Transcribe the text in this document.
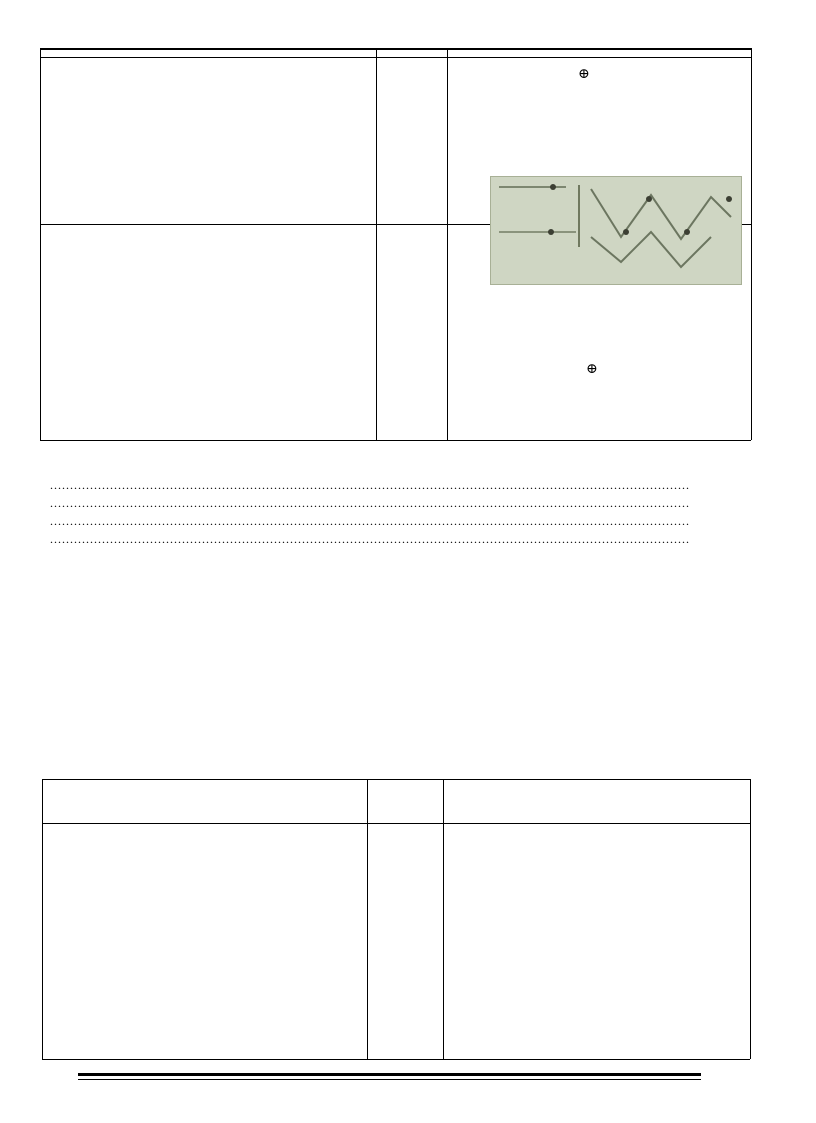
⊕
⊕
................................................................................................................................................................
................................................................................................................................................................
................................................................................................................................................................
................................................................................................................................................................
